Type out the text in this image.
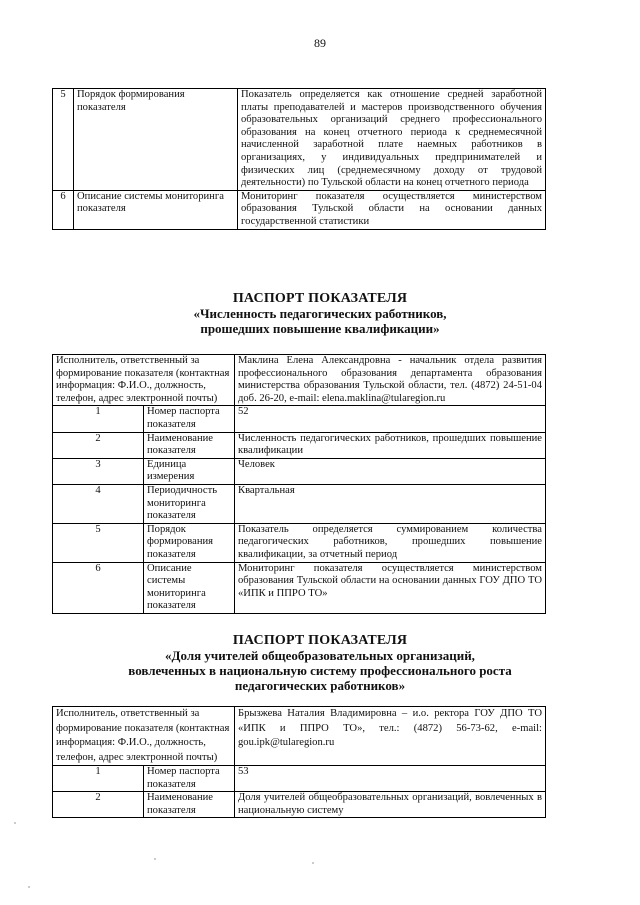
89
5	Порядок формирования показателя	Показатель определяется как отношение средней заработной платы преподавателей и мастеров производственного обучения образовательных организаций среднего профессионального образования на конец отчетного периода к среднемесячной начисленной заработной плате наемных работников в организациях, у индивидуальных предпринимателей и физических лиц (среднемесячному доходу от трудовой деятельности) по Тульской области на конец отчетного периода
6	Описание системы мониторинга показателя	Мониторинг показателя осуществляется министерством образования Тульской области на основании данных государственной статистики
ПАСПОРТ ПОКАЗАТЕЛЯ
«Численность педагогических работников,
прошедших повышение квалификации»
Исполнитель, ответственный за формирование показателя (контактная информация: Ф.И.О., должность, телефон, адрес электронной почты)		Маклина Елена Александровна - начальник отдела развития профессионального образования департамента образования министерства образования Тульской области, тел. (4872) 24-51-04 доб. 26-20, e-mail: elena.maklina@tularegion.ru
1	Номер паспорта показателя	52
2	Наименование показателя	Численность педагогических работников, прошедших повышение квалификации
3	Единица измерения	Человек
4	Периодичность мониторинга показателя	Квартальная
5	Порядок формирования показателя	Показатель определяется суммированием количества педагогических работников, прошедших повышение квалификации, за отчетный период
6	Описание системы мониторинга показателя	Мониторинг показателя осуществляется министерством образования Тульской области на основании данных ГОУ ДПО ТО «ИПК и ППРО ТО»
ПАСПОРТ ПОКАЗАТЕЛЯ
«Доля учителей общеобразовательных организаций,
вовлеченных в национальную систему профессионального роста
педагогических работников»
Исполнитель, ответственный за формирование показателя (контактная информация: Ф.И.О., должность, телефон, адрес электронной почты)		Брызжева Наталия Владимировна – и.о. ректора ГОУ ДПО ТО «ИПК и ППРО ТО», тел.: (4872) 56-73-62, e-mail: gou.ipk@tularegion.ru
1	Номер паспорта показателя	53
2	Наименование показателя	Доля учителей общеобразовательных организаций, вовлеченных в национальную систему
